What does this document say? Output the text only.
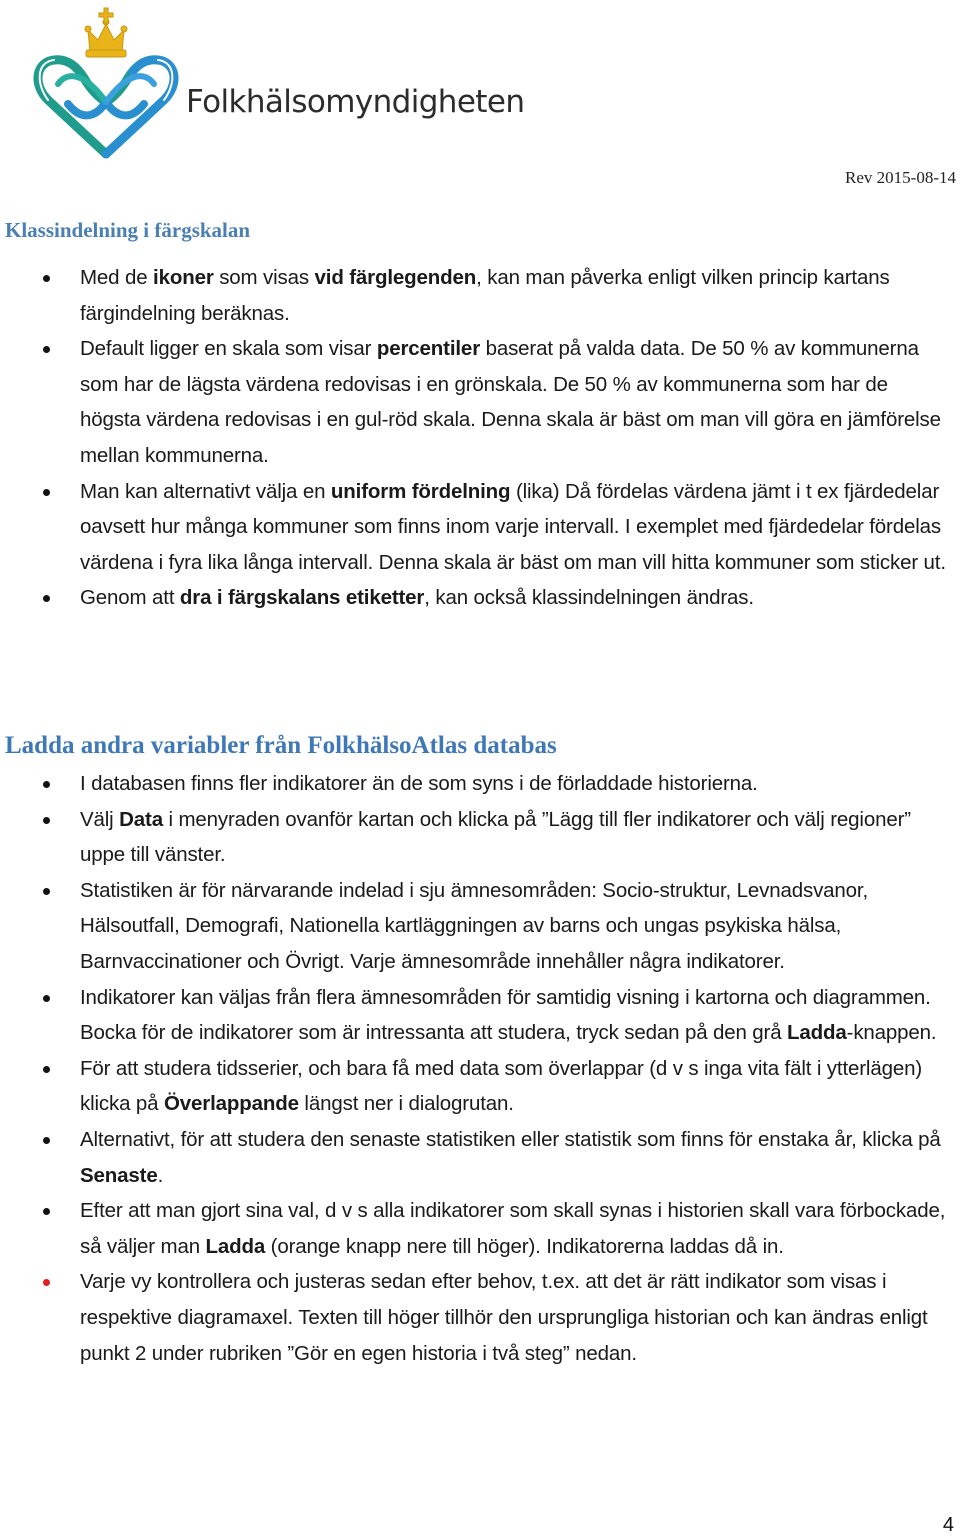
Folkhälsomyndigheten
Rev 2015-08-14
Klassindelning i färgskalan
Med de ikoner som visas vid färglegenden, kan man påverka enligt vilken princip kartans färgindelning beräknas.
Default ligger en skala som visar percentiler baserat på valda data. De 50 % av kommunerna som har de lägsta värdena redovisas i en grönskala. De 50 % av kommunerna som har de högsta värdena redovisas i en gul-röd skala. Denna skala är bäst om man vill göra en jämförelse mellan kommunerna.
Man kan alternativt välja en uniform fördelning (lika) Då fördelas värdena jämt i t ex fjärdedelar oavsett hur många kommuner som finns inom varje intervall. I exemplet med fjärdedelar fördelas värdena i fyra lika långa intervall. Denna skala är bäst om man vill hitta kommuner som sticker ut.
Genom att dra i färgskalans etiketter, kan också klassindelningen ändras.
Ladda andra variabler från FolkhälsoAtlas databas
I databasen finns fler indikatorer än de som syns i de förladdade historierna.
Välj Data i menyraden ovanför kartan och klicka på ”Lägg till fler indikatorer och välj regioner” uppe till vänster.
Statistiken är för närvarande indelad i sju ämnesområden: Socio-struktur, Levnadsvanor, Hälsoutfall, Demografi, Nationella kartläggningen av barns och ungas psykiska hälsa, Barnvaccinationer och Övrigt. Varje ämnesområde innehåller några indikatorer.
Indikatorer kan väljas från flera ämnesområden för samtidig visning i kartorna och diagrammen. Bocka för de indikatorer som är intressanta att studera, tryck sedan på den grå Ladda-knappen.
För att studera tidsserier, och bara få med data som överlappar (d v s inga vita fält i ytterlägen) klicka på Överlappande längst ner i dialogrutan.
Alternativt, för att studera den senaste statistiken eller statistik som finns för enstaka år, klicka på Senaste.
Efter att man gjort sina val, d v s alla indikatorer som skall synas i historien skall vara förbockade, så väljer man Ladda (orange knapp nere till höger). Indikatorerna laddas då in.
Varje vy kontrollera och justeras sedan efter behov, t.ex. att det är rätt indikator som visas i respektive diagramaxel. Texten till höger tillhör den ursprungliga historian och kan ändras enligt punkt 2 under rubriken ”Gör en egen historia i två steg” nedan.
4
